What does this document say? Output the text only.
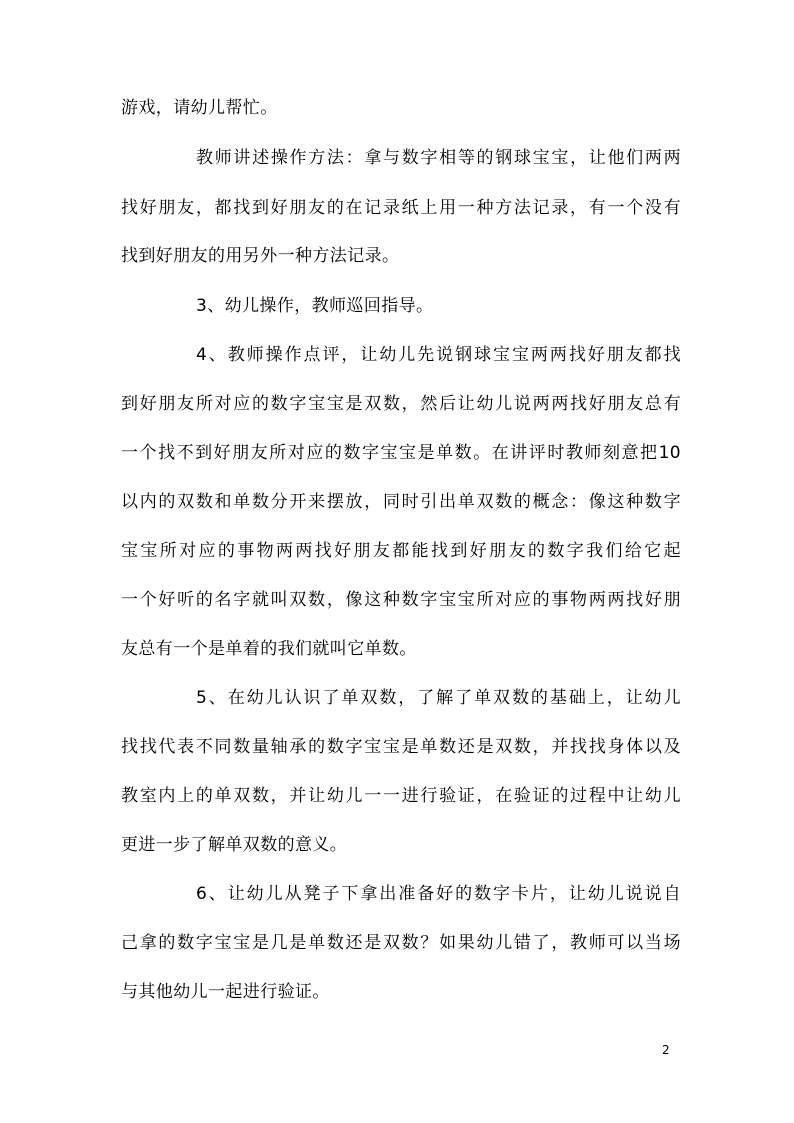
游戏，请幼儿帮忙。
教师讲述操作方法：拿与数字相等的钢球宝宝，让他们两两
找好朋友，都找到好朋友的在记录纸上用一种方法记录，有一个没有
找到好朋友的用另外一种方法记录。
3、幼儿操作，教师巡回指导。
4、教师操作点评，让幼儿先说钢球宝宝两两找好朋友都找
到好朋友所对应的数字宝宝是双数，然后让幼儿说两两找好朋友总有
一个找不到好朋友所对应的数字宝宝是单数。在讲评时教师刻意把10
以内的双数和单数分开来摆放，同时引出单双数的概念：像这种数字
宝宝所对应的事物两两找好朋友都能找到好朋友的数字我们给它起
一个好听的名字就叫双数，像这种数字宝宝所对应的事物两两找好朋
友总有一个是单着的我们就叫它单数。
5、在幼儿认识了单双数，了解了单双数的基础上，让幼儿
找找代表不同数量轴承的数字宝宝是单数还是双数，并找找身体以及
教室内上的单双数，并让幼儿一一进行验证，在验证的过程中让幼儿
更进一步了解单双数的意义。
6、让幼儿从凳子下拿出准备好的数字卡片，让幼儿说说自
己拿的数字宝宝是几是单数还是双数？如果幼儿错了，教师可以当场
与其他幼儿一起进行验证。
2
